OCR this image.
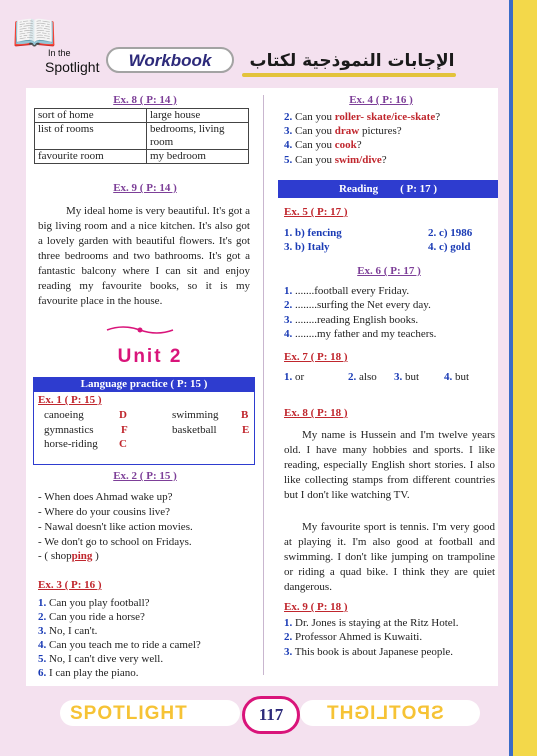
📖
In the
Spotlight	Workbook	الإجابات النموذجية لكتاب
Ex. 8 ( P: 14 )
sort of home	large house
list of rooms	bedrooms, living room
favourite room	my bedroom
Ex. 9 ( P: 14 )
My ideal home is very beautiful. It's got a big living room and a nice kitchen. It's also got a lovely garden with beautiful flowers. It's got three bedrooms and two bathrooms. It's got a fantastic balcony where I can sit and enjoy reading my favourite books, so it is my favourite place in the house.
Unit 2
Language practice ( P: 15 )
Ex. 1 ( P: 15 )
canoeing	D	swimming B
gymnastics	F	basketball E
horse-riding C
Ex. 2 ( P: 15 )
- When does Ahmad wake up?
- Where do your cousins live?
- Nawal doesn't like action movies.
- We don't go to school on Fridays.
- ( shopping )
Ex. 3 ( P: 16 )
1. Can you play football?
2. Can you ride a horse?
3. No, I can't.
4. Can you teach me to ride a camel?
5. No, I can't dive very well.
6. I can play the piano.
Ex. 4 ( P: 16 )
2. Can you roller- skate/ice-skate?
3. Can you draw pictures?
4. Can you cook?
5. Can you swim/dive?
Reading        ( P: 17 )
Ex. 5 ( P: 17 )
1. b) fencing	2. c) 1986
3. b) Italy	4. c) gold
Ex. 6 ( P: 17 )
1. .......football every Friday.
2. ........surfing the Net every day.
3. ........reading English books.
4. ........my father and my teachers.
Ex. 7 ( P: 18 )
1. or	2. also 3. but 4. but
Ex. 8 ( P: 18 )
My name is Hussein and I'm twelve years old. I have many hobbies and sports. I like reading, especially English short stories. I also like collecting stamps from different countries but I don't like watching TV.
My favourite sport is tennis. I'm very good at playing it. I'm also good at football and swimming. I don't like jumping on trampoline or riding a quad bike. I think they are quiet dangerous.
Ex. 9 ( P: 18 )
1. Dr. Jones is staying at the Ritz Hotel.
2. Professor Ahmed is Kuwaiti.
3. This book is about Japanese people.
SPOTLIGHT	SPOTLIGHT
117
